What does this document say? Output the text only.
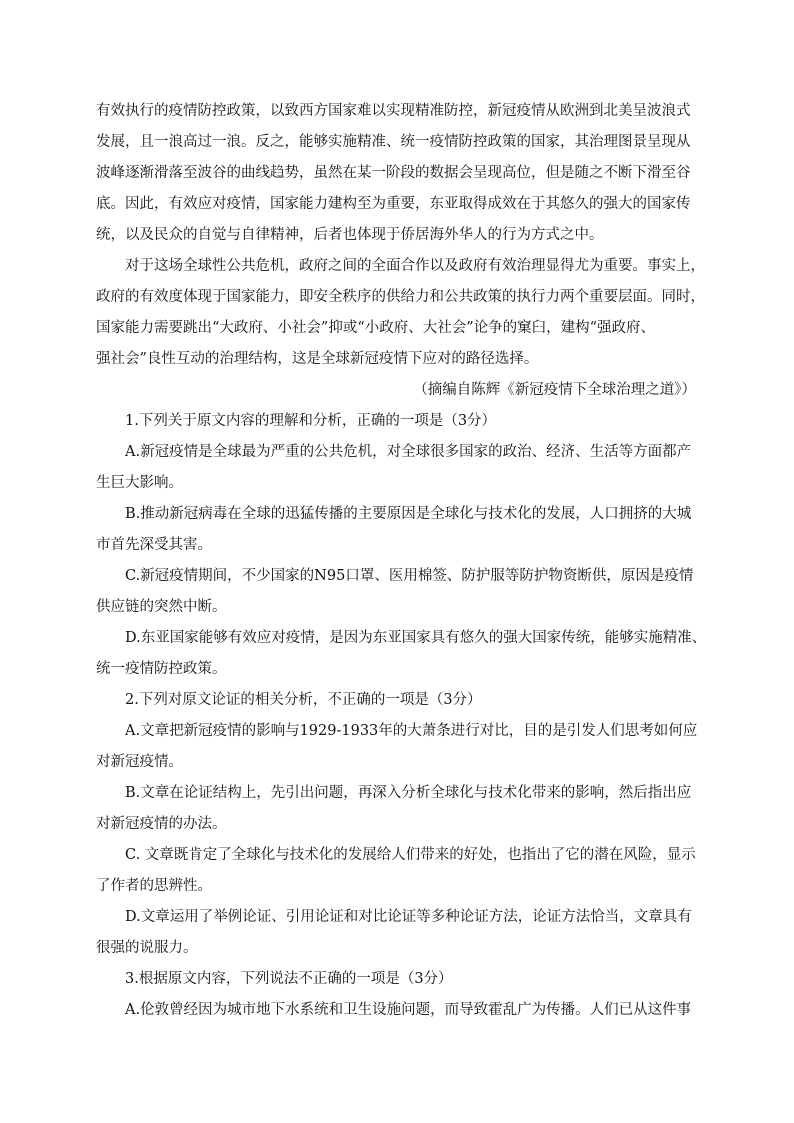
有效执行的疫情防控政策，以致西方国家难以实现精准防控，新冠疫情从欧洲到北美呈波浪式
发展，且一浪高过一浪。反之，能够实施精准、统一疫情防控政策的国家，其治理图景呈现从
波峰逐渐滑落至波谷的曲线趋势，虽然在某一阶段的数据会呈现高位，但是随之不断下滑至谷
底。因此，有效应对疫情，国家能力建构至为重要，东亚取得成效在于其悠久的强大的国家传
统，以及民众的自觉与自律精神，后者也体现于侨居海外华人的行为方式之中。
对于这场全球性公共危机，政府之间的全面合作以及政府有效治理显得尤为重要。事实上，
政府的有效度体现于国家能力，即安全秩序的供给力和公共政策的执行力两个重要层面。同时，
国家能力需要跳出“大政府、小社会”抑或“小政府、大社会”论争的窠臼，建构“强政府、
强社会”良性互动的治理结构，这是全球新冠疫情下应对的路径选择。
（摘编自陈辉《新冠疫情下全球治理之道》）
1.下列关于原文内容的理解和分析，正确的一项是（3分）
A.新冠疫情是全球最为严重的公共危机，对全球很多国家的政治、经济、生活等方面都产
生巨大影响。
B.推动新冠病毒在全球的迅猛传播的主要原因是全球化与技术化的发展，人口拥挤的大城
市首先深受其害。
C.新冠疫情期间，不少国家的N95口罩、医用棉签、防护服等防护物资断供，原因是疫情
供应链的突然中断。
D.东亚国家能够有效应对疫情，是因为东亚国家具有悠久的强大国家传统，能够实施精准、
统一疫情防控政策。
2.下列对原文论证的相关分析，不正确的一项是（3分）
A.文章把新冠疫情的影响与1929-1933年的大萧条进行对比，目的是引发人们思考如何应
对新冠疫情。
B.文章在论证结构上，先引出问题，再深入分析全球化与技术化带来的影响，然后指出应
对新冠疫情的办法。
C. 文章既肯定了全球化与技术化的发展给人们带来的好处，也指出了它的潜在风险，显示
了作者的思辨性。
D.文章运用了举例论证、引用论证和对比论证等多种论证方法，论证方法恰当，文章具有
很强的说服力。
3.根据原文内容，下列说法不正确的一项是（3分）
A.伦敦曾经因为城市地下水系统和卫生设施问题，而导致霍乱广为传播。人们已从这件事
